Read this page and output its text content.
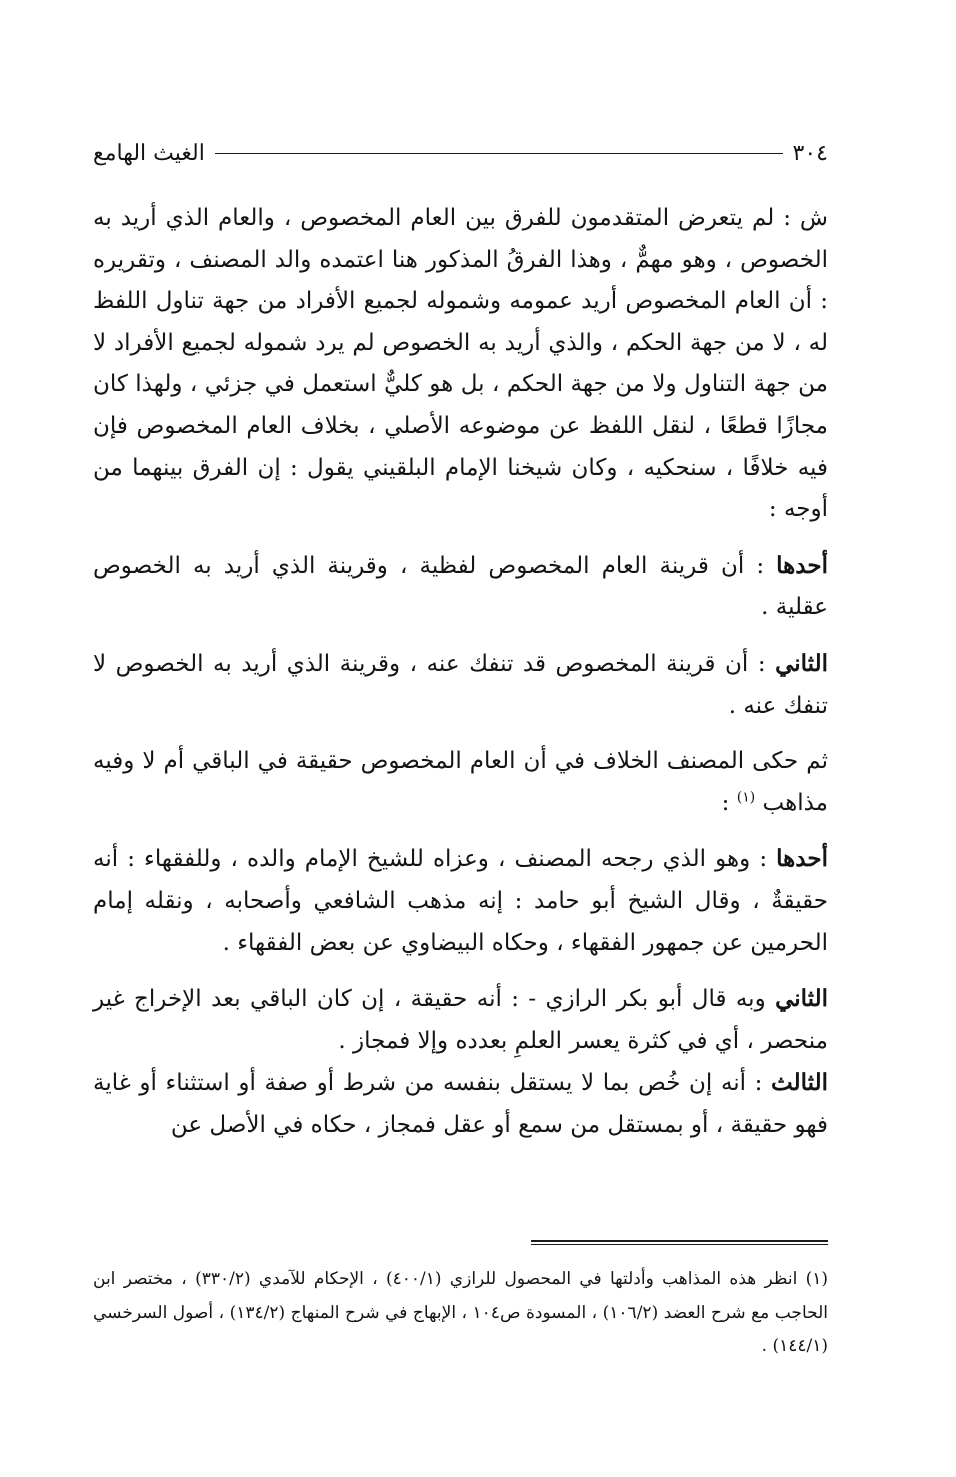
٣٠٤
الغيث الهامع

ش : لم يتعرض المتقدمون للفرق بين العام المخصوص ، والعام الذي أريد به الخصوص ، وهو مهمٌّ ، وهذا الفرقُ المذكور هنا اعتمده والد المصنف ، وتقريره : أن العام المخصوص أريد عمومه وشموله لجميع الأفراد من جهة تناول اللفظ له ، لا من جهة الحكم ، والذي أريد به الخصوص لم يرد شموله لجميع الأفراد لا من جهة التناول ولا من جهة الحكم ، بل هو كليٌّ استعمل في جزئي ، ولهذا كان مجازًا قطعًا ، لنقل اللفظ عن موضوعه الأصلي ، بخلاف العام المخصوص فإن فيه خلافًا ، سنحكيه ، وكان شيخنا الإمام البلقيني يقول : إن الفرق بينهما من أوجه :

أحدها : أن قرينة العام المخصوص لفظية ، وقرينة الذي أريد به الخصوص عقلية .

الثاني : أن قرينة المخصوص قد تنفك عنه ، وقرينة الذي أريد به الخصوص لا تنفك عنه .

ثم حكى المصنف الخلاف في أن العام المخصوص حقيقة في الباقي أم لا وفيه مذاهب $^{(١)}$ :

أحدها : وهو الذي رجحه المصنف ، وعزاه للشيخ الإمام والده ، وللفقهاء : أنه حقيقةٌ ، وقال الشيخ أبو حامد : إنه مذهب الشافعي وأصحابه ، ونقله إمام الحرمين عن جمهور الفقهاء ، وحكاه البيضاوي عن بعض الفقهاء .

الثاني وبه قال أبو بكر الرازي - : أنه حقيقة ، إن كان الباقي بعد الإخراج غير منحصر ، أي في كثرة يعسر العلمِ بعدده وإلا فمجاز .

الثالث : أنه إن خُص بما لا يستقل بنفسه من شرط أو صفة أو استثناء أو غاية فهو حقيقة ، أو بمستقل من سمع أو عقل فمجاز ، حكاه في الأصل عن

(١) انظر هذه المذاهب وأدلتها في المحصول للرازي (٤٠٠/١) ، الإحكام للآمدي (٣٣٠/٢) ، مختصر ابن الحاجب مع شرح العضد (١٠٦/٢) ، المسودة ص١٠٤ ، الإبهاج في شرح المنهاج (١٣٤/٢) ، أصول السرخسي (١٤٤/١) .
